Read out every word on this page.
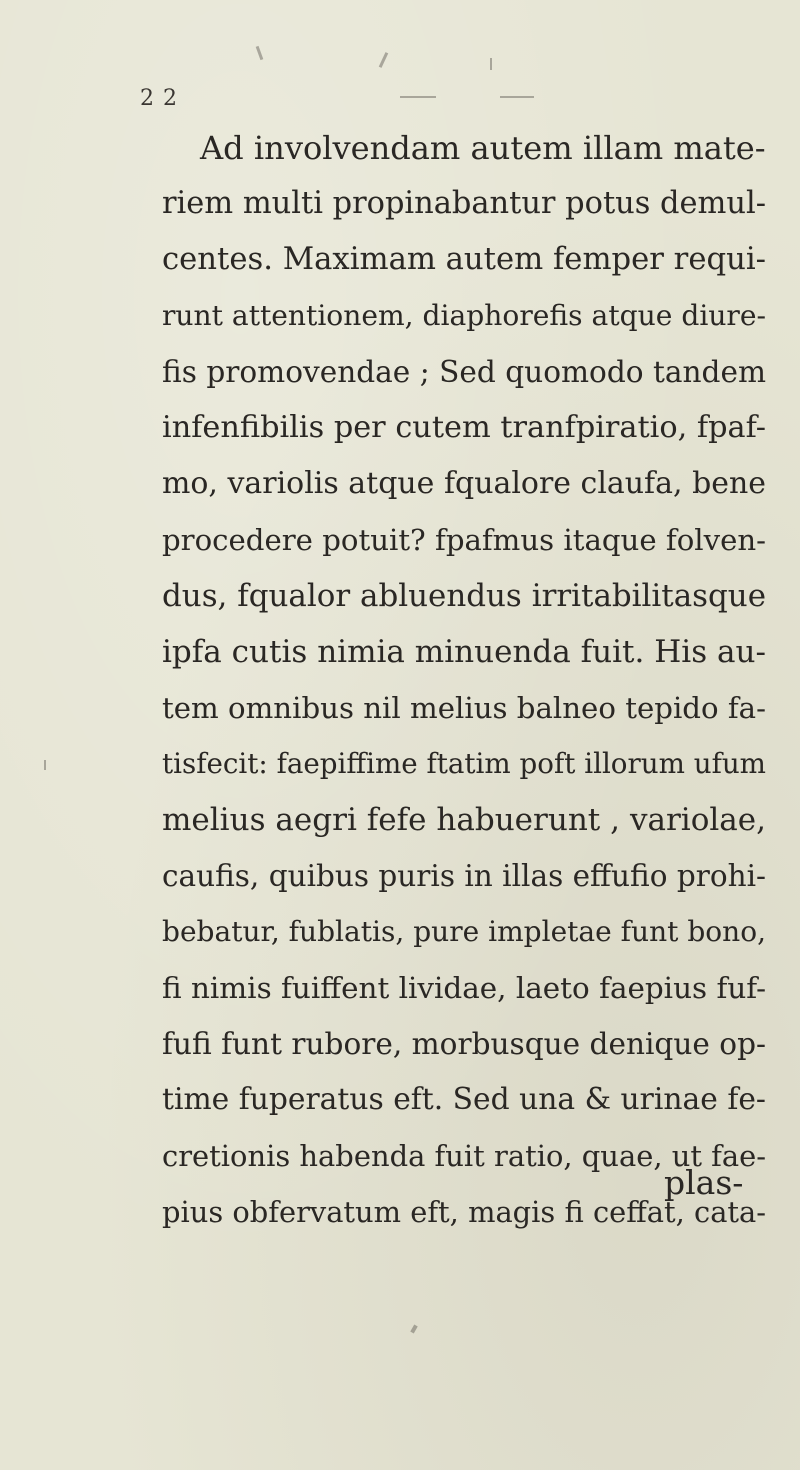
2 2
Ad involvendam autem illam mate-
riem multi propinabantur potus demul-
centes. Maximam autem femper requi-
runt attentionem, diaphorefis atque diure-
fis promovendae ; Sed quomodo tandem
infenfibilis per cutem tranfpiratio, fpaf-
mo, variolis atque fqualore claufa, bene
procedere potuit? fpafmus itaque folven-
dus, fqualor abluendus irritabilitasque
ipfa cutis nimia minuenda fuit. His au-
tem omnibus nil melius balneo tepido fa-
tisfecit: faepiffime ftatim poft illorum ufum
melius aegri fefe habuerunt , variolae,
caufis, quibus puris in illas effufio prohi-
bebatur, fublatis, pure impletae funt bono,
fi nimis fuiffent lividae, laeto faepius fuf-
fufi funt rubore, morbusque denique op-
time fuperatus eft. Sed una & urinae fe-
cretionis habenda fuit ratio, quae, ut faе-
pius obfervatum eft, magis fi ceffat, cata-
plas-
